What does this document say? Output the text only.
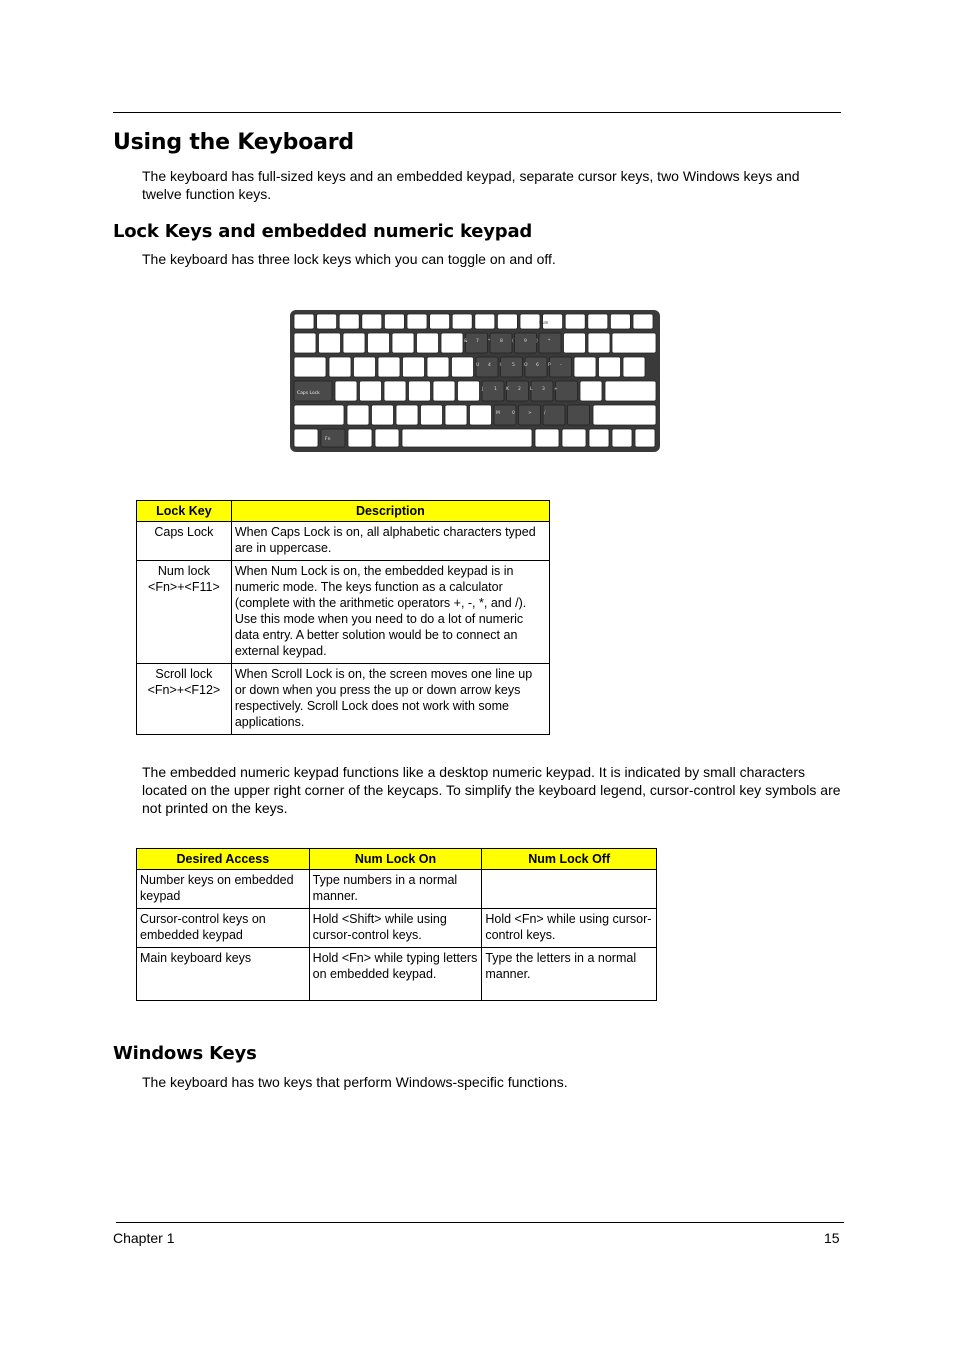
Using the Keyboard

The keyboard has full-sized keys and an embedded keypad, separate cursor keys, two Windows keys and twelve function keys.

Lock Keys and embedded numeric keypad

The keyboard has three lock keys which you can toggle on and off.

Caps Lock
Fn
Num
& 7 * 8 ( 9 ) *
U 4 I 5 O 6 P -
J 1 K 2 L 3 +
M	0	>	/
Lock Key	Description
Caps Lock	When Caps Lock is on, all alphabetic characters typed are in uppercase.
Num lock
<Fn>+<F11>	When Num Lock is on, the embedded keypad is in numeric mode. The keys function as a calculator (complete with the arithmetic operators +, -, *, and /). Use this mode when you need to do a lot of numeric data entry. A better solution would be to connect an external keypad.
Scroll lock
<Fn>+<F12>	When Scroll Lock is on, the screen moves one line up or down when you press the up or down arrow keys respectively. Scroll Lock does not work with some applications.

The embedded numeric keypad functions like a desktop numeric keypad. It is indicated by small characters located on the upper right corner of the keycaps. To simplify the keyboard legend, cursor-control key symbols are not printed on the keys.

Desired Access	Num Lock On	Num Lock Off
Number keys on embedded keypad	Type numbers in a normal manner.	
Cursor-control keys on embedded keypad	Hold <Shift> while using cursor-control keys.	Hold <Fn> while using cursor-control keys.
Main keyboard keys	Hold <Fn> while typing letters on embedded keypad.	Type the letters in a normal manner.
Windows Keys

The keyboard has two keys that perform Windows-specific functions.

Chapter 1	15
